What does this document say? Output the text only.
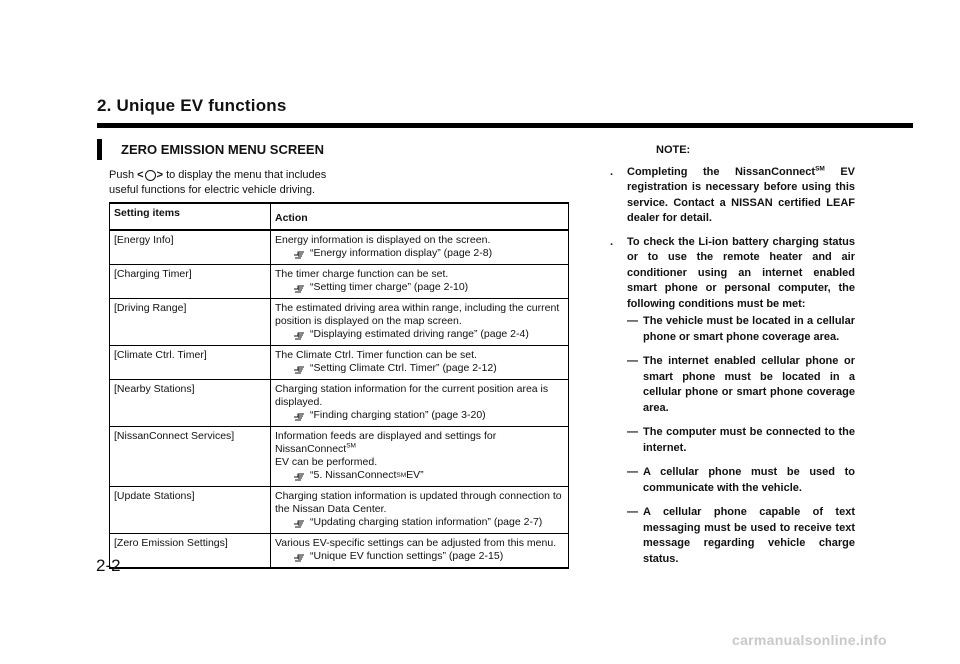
2. Unique EV functions
ZERO EMISSION MENU SCREEN
Push < > to display the menu that includes useful functions for electric vehicle driving.
Setting items	Action
[Energy Info]	Energy information is displayed on the screen.
“Energy information display” (page 2-8)

[Charging Timer]	The timer charge function can be set.
“Setting timer charge” (page 2-10)

[Driving Range]	The estimated driving area within range, including the current position is displayed on the map screen.
“Displaying estimated driving range” (page 2-4)

[Climate Ctrl. Timer]	The Climate Ctrl. Timer function can be set.
“Setting Climate Ctrl. Timer” (page 2-12)

[Nearby Stations]	Charging station information for the current position area is displayed.
“Finding charging station” (page 3-20)

[NissanConnect Services]	Information feeds are displayed and settings for NissanConnect℠
EV can be performed.
“5. NissanConnect SM EV”

[Update Stations]	Charging station information is updated through connection to the Nissan Data Center.
“Updating charging station information” (page 2-7)

[Zero Emission Settings]	Various EV-specific settings can be adjusted from this menu.
“Unique EV function settings” (page 2-15)
NOTE:
.	Completing the NissanConnect℠ EV registration is necessary before using this service. Contact a NISSAN certified LEAF dealer for detail.
.	To check the Li-ion battery charging status or to use the remote heater and air conditioner using an internet enabled smart phone or personal computer, the following conditions must be met:
— The vehicle must be located in a cellular phone or smart phone coverage area.
— The internet enabled cellular phone or smart phone must be located in a cellular phone or smart phone coverage area.
— The computer must be connected to the internet.
— A cellular phone must be used to communicate with the vehicle.
— A cellular phone capable of text messaging must be used to receive text message regarding vehicle charge status.
2-2
carmanualsonline.info
